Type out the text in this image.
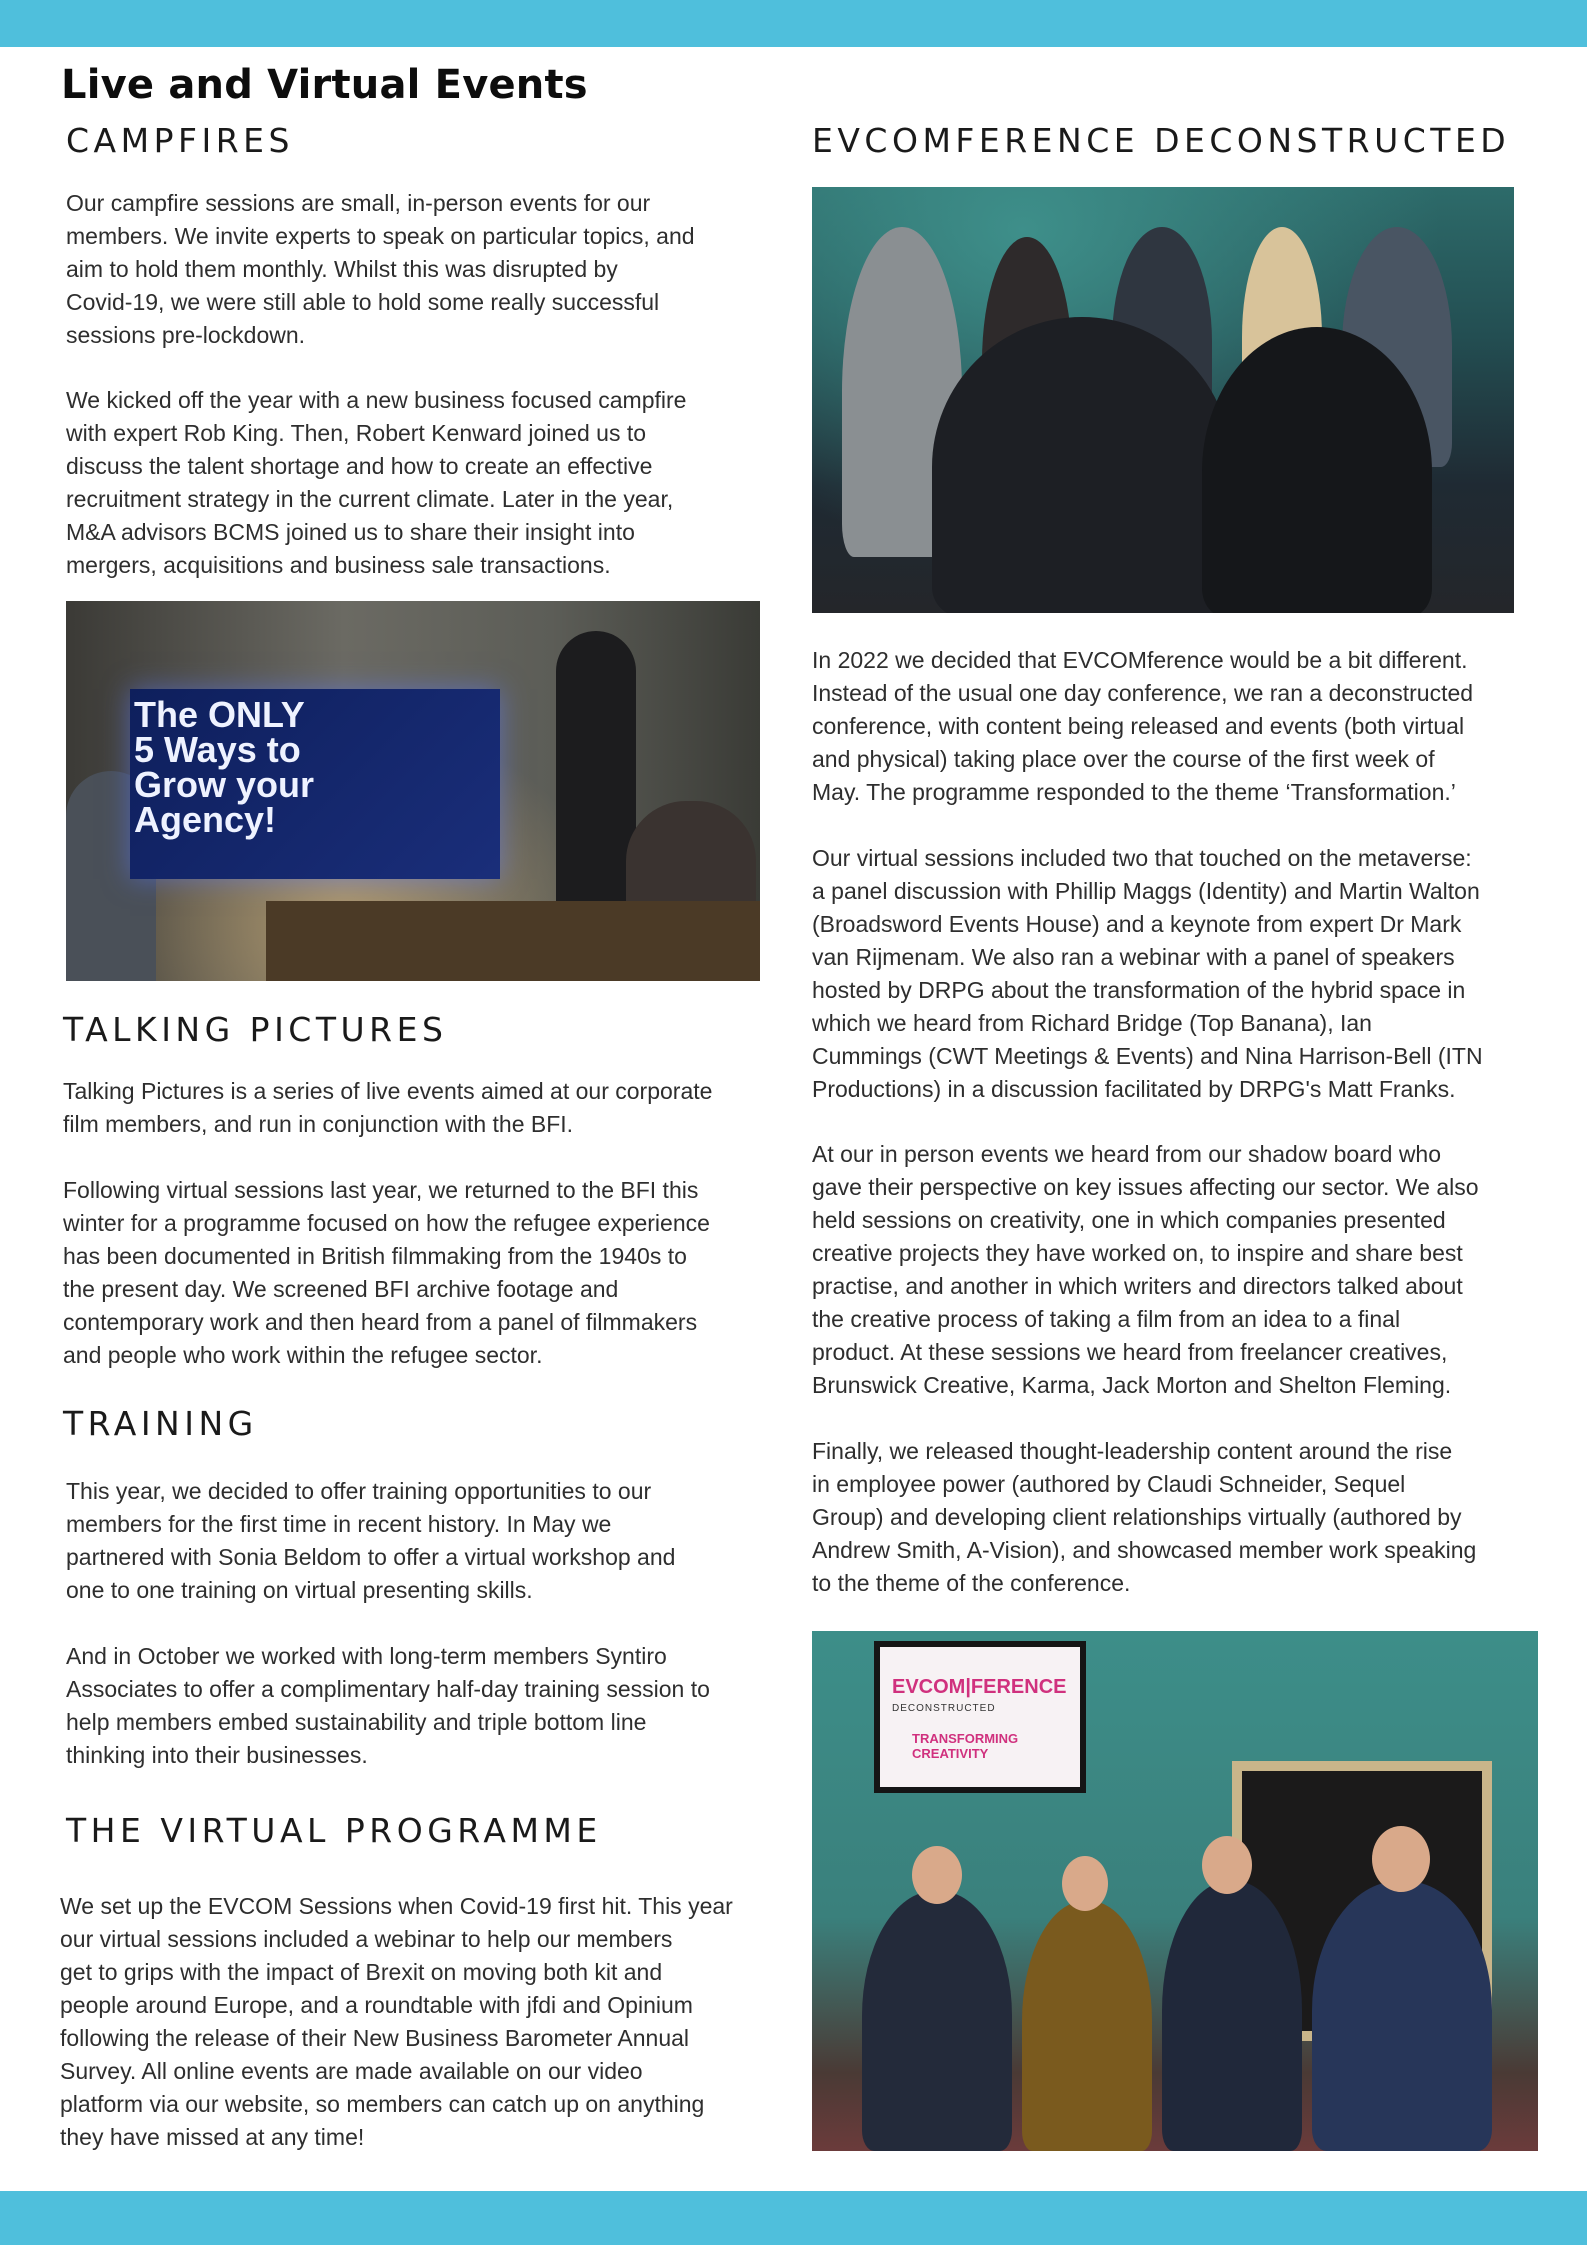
Live and Virtual Events
CAMPFIRES

Our campfire sessions are small, in-person events for our
members. We invite experts to speak on particular topics, and
aim to hold them monthly. Whilst this was disrupted by
Covid-19, we were still able to hold some really successful
sessions pre-lockdown.

We kicked off the year with a new business focused campfire
with expert Rob King. Then, Robert Kenward joined us to
discuss the talent shortage and how to create an effective
recruitment strategy in the current climate. Later in the year,
M&A advisors BCMS joined us to share their insight into
mergers, acquisitions and business sale transactions.

The ONLY
5 Ways to
Grow your
Agency!
TALKING PICTURES

Talking Pictures is a series of live events aimed at our corporate
film members, and run in conjunction with the BFI.

Following virtual sessions last year, we returned to the BFI this
winter for a programme focused on how the refugee experience
has been documented in British filmmaking from the 1940s to
the present day. We screened BFI archive footage and
contemporary work and then heard from a panel of filmmakers
and people who work within the refugee sector.

TRAINING

This year, we decided to offer training opportunities to our
members for the first time in recent history. In May we
partnered with Sonia Beldom to offer a virtual workshop and
one to one training on virtual presenting skills.

And in October we worked with long-term members Syntiro
Associates to offer a complimentary half-day training session to
help members embed sustainability and triple bottom line
thinking into their businesses.

THE VIRTUAL PROGRAMME

We set up the EVCOM Sessions when Covid-19 first hit. This year
our virtual sessions included a webinar to help our members
get to grips with the impact of Brexit on moving both kit and
people around Europe, and a roundtable with jfdi and Opinium
following the release of their New Business Barometer Annual
Survey. All online events are made available on our video
platform via our website, so members can catch up on anything
they have missed at any time!

EVCOMFERENCE DECONSTRUCTED

In 2022 we decided that EVCOMference would be a bit different.
Instead of the usual one day conference, we ran a deconstructed
conference, with content being released and events (both virtual
and physical) taking place over the course of the first week of
May. The programme responded to the theme ‘Transformation.’

Our virtual sessions included two that touched on the metaverse:
a panel discussion with Phillip Maggs (Identity) and Martin Walton
(Broadsword Events House) and a keynote from expert Dr Mark
van Rijmenam. We also ran a webinar with a panel of speakers
hosted by DRPG about the transformation of the hybrid space in
which we heard from Richard Bridge (Top Banana), Ian
Cummings (CWT Meetings & Events) and Nina Harrison-Bell (ITN
Productions) in a discussion facilitated by DRPG's Matt Franks.

At our in person events we heard from our shadow board who
gave their perspective on key issues affecting our sector. We also
held sessions on creativity, one in which companies presented
creative projects they have worked on, to inspire and share best
practise, and another in which writers and directors talked about
the creative process of taking a film from an idea to a final
product. At these sessions we heard from freelancer creatives,
Brunswick Creative, Karma, Jack Morton and Shelton Fleming.

Finally, we released thought-leadership content around the rise
in employee power (authored by Claudi Schneider, Sequel
Group) and developing client relationships virtually (authored by
Andrew Smith, A-Vision), and showcased member work speaking
to the theme of the conference.

EVCOM|FERENCE
DECONSTRUCTED
TRANSFORMING
CREATIVITY
